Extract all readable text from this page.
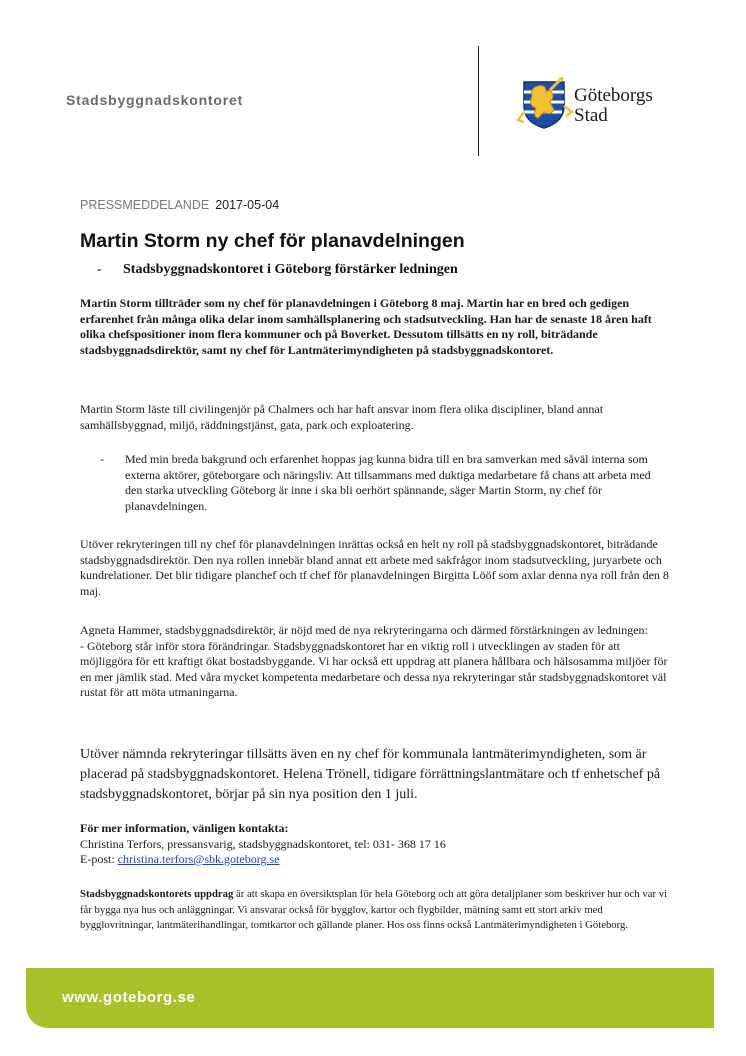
Stadsbyggnadskontoret	Göteborgs
Stad
PRESSMEDDELANDE 2017-05-04
Martin Storm ny chef för planavdelningen
- Stadsbyggnadskontoret i Göteborg förstärker ledningen

Martin Storm tillträder som ny chef för planavdelningen i Göteborg 8 maj. Martin har en bred och gedigen erfarenhet från många olika delar inom samhällsplanering och stadsutveckling. Han har de senaste 18 åren haft olika chefspositioner inom flera kommuner och på Boverket. Dessutom tillsätts en ny roll, biträdande stadsbyggnadsdirektör, samt ny chef för Lantmäterimyndigheten på stadsbyggnadskontoret.

Martin Storm läste till civilingenjör på Chalmers och har haft ansvar inom flera olika discipliner, bland annat samhällsbyggnad, miljö, räddningstjänst, gata, park och exploatering.

- Med min breda bakgrund och erfarenhet hoppas jag kunna bidra till en bra samverkan med såväl interna som externa aktörer, göteborgare och näringsliv. Att tillsammans med duktiga medarbetare få chans att arbeta med den starka utveckling Göteborg är inne i ska bli oerhört spännande, säger Martin Storm, ny chef för planavdelningen.

Utöver rekryteringen till ny chef för planavdelningen inrättas också en helt ny roll på stadsbyggnadskontoret, biträdande stadsbyggnadsdirektör. Den nya rollen innebär bland annat ett arbete med sakfrågor inom stadsutveckling, juryarbete och kundrelationer. Det blir tidigare planchef och tf chef för planavdelningen Birgitta Lööf som axlar denna nya roll från den 8 maj.

Agneta Hammer, stadsbyggnadsdirektör, är nöjd med de nya rekryteringarna och därmed förstärkningen av ledningen:

- Göteborg står inför stora förändringar. Stadsbyggnadskontoret har en viktig roll i utvecklingen av staden för att möjliggöra för ett kraftigt ökat bostadsbyggande. Vi har också ett uppdrag att planera hållbara och hälsosamma miljöer för en mer jämlik stad. Med våra mycket kompetenta medarbetare och dessa nya rekryteringar står stadsbyggnadskontoret väl rustat för att möta utmaningarna.

Utöver nämnda rekryteringar tillsätts även en ny chef för kommunala lantmäterimyndigheten, som är placerad på stadsbyggnadskontoret. Helena Trönell, tidigare förrättningslantmätare och tf enhetschef på stadsbyggnadskontoret, börjar på sin nya position den 1 juli.

För mer information, vänligen kontakta:

Christina Terfors, pressansvarig, stadsbyggnadskontoret, tel: 031- 368 17 16

E-post: christina.terfors@sbk.goteborg.se

Stadsbyggnadskontorets uppdrag är att skapa en översiktsplan för hela Göteborg och att göra detaljplaner som beskriver hur och var vi får bygga nya hus och anläggningar. Vi ansvarar också för bygglov, kartor och flygbilder, mätning samt ett stort arkiv med bygglovritningar, lantmäterihandlingar, tomtkartor och gällande planer. Hos oss finns också Lantmäterimyndigheten i Göteborg.

www.goteborg.se
